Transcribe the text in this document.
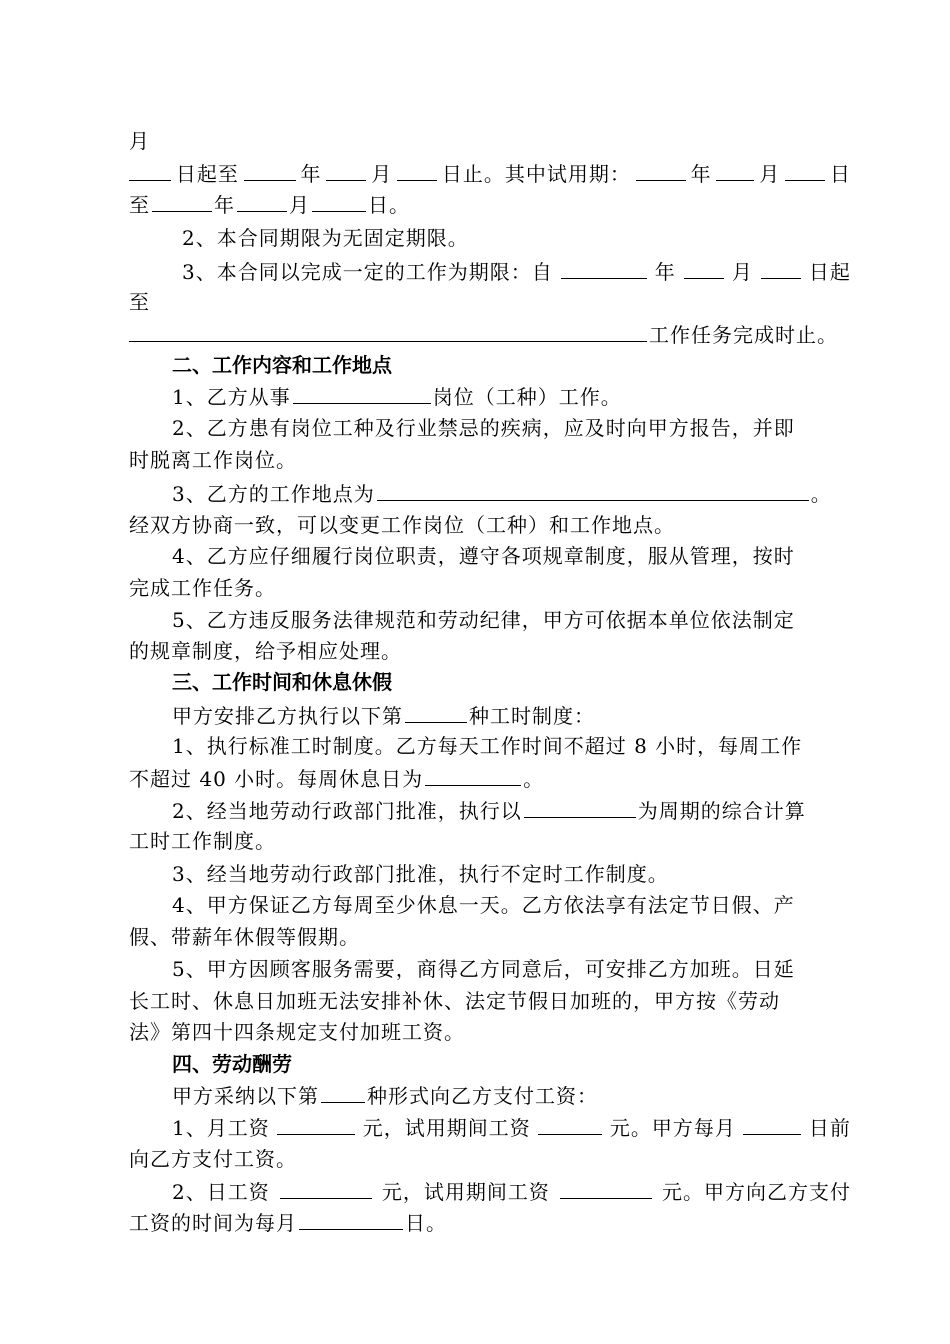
月

日起至	年 月 日止。其中试用期：	年 月 日

至	年	月	日。

2、本合同期限为无固定期限。

3、本合同以完成一定的工作为期限：自	年	月	日起

至

工作任务完成时止。

二、工作内容和工作地点

1、乙方从事	岗位（工种）工作。

2、乙方患有岗位工种及行业禁忌的疾病，应及时向甲方报告，并即

时脱离工作岗位。

3、乙方的工作地点为	。

经双方协商一致，可以变更工作岗位（工种）和工作地点。

4、乙方应仔细履行岗位职责，遵守各项规章制度，服从管理，按时

完成工作任务。

5、乙方违反服务法律规范和劳动纪律，甲方可依据本单位依法制定

的规章制度，给予相应处理。

三、工作时间和休息休假

甲方安排乙方执行以下第	种工时制度：

1、执行标准工时制度。乙方每天工作时间不超过 8 小时，每周工作

不超过 40 小时。每周休息日为	。

2、经当地劳动行政部门批准，执行以	为周期的综合计算

工时工作制度。

3、经当地劳动行政部门批准，执行不定时工作制度。

4、甲方保证乙方每周至少休息一天。乙方依法享有法定节日假、产

假、带薪年休假等假期。

5、甲方因顾客服务需要，商得乙方同意后，可安排乙方加班。日延

长工时、休息日加班无法安排补休、法定节假日加班的，甲方按《劳动

法》第四十四条规定支付加班工资。

四、劳动酬劳

甲方采纳以下第 种形式向乙方支付工资：

1、月工资	元，试用期间工资	元。甲方每月	日前

向乙方支付工资。

2、日工资	元，试用期间工资	元。甲方向乙方支付

工资的时间为每月	日。
